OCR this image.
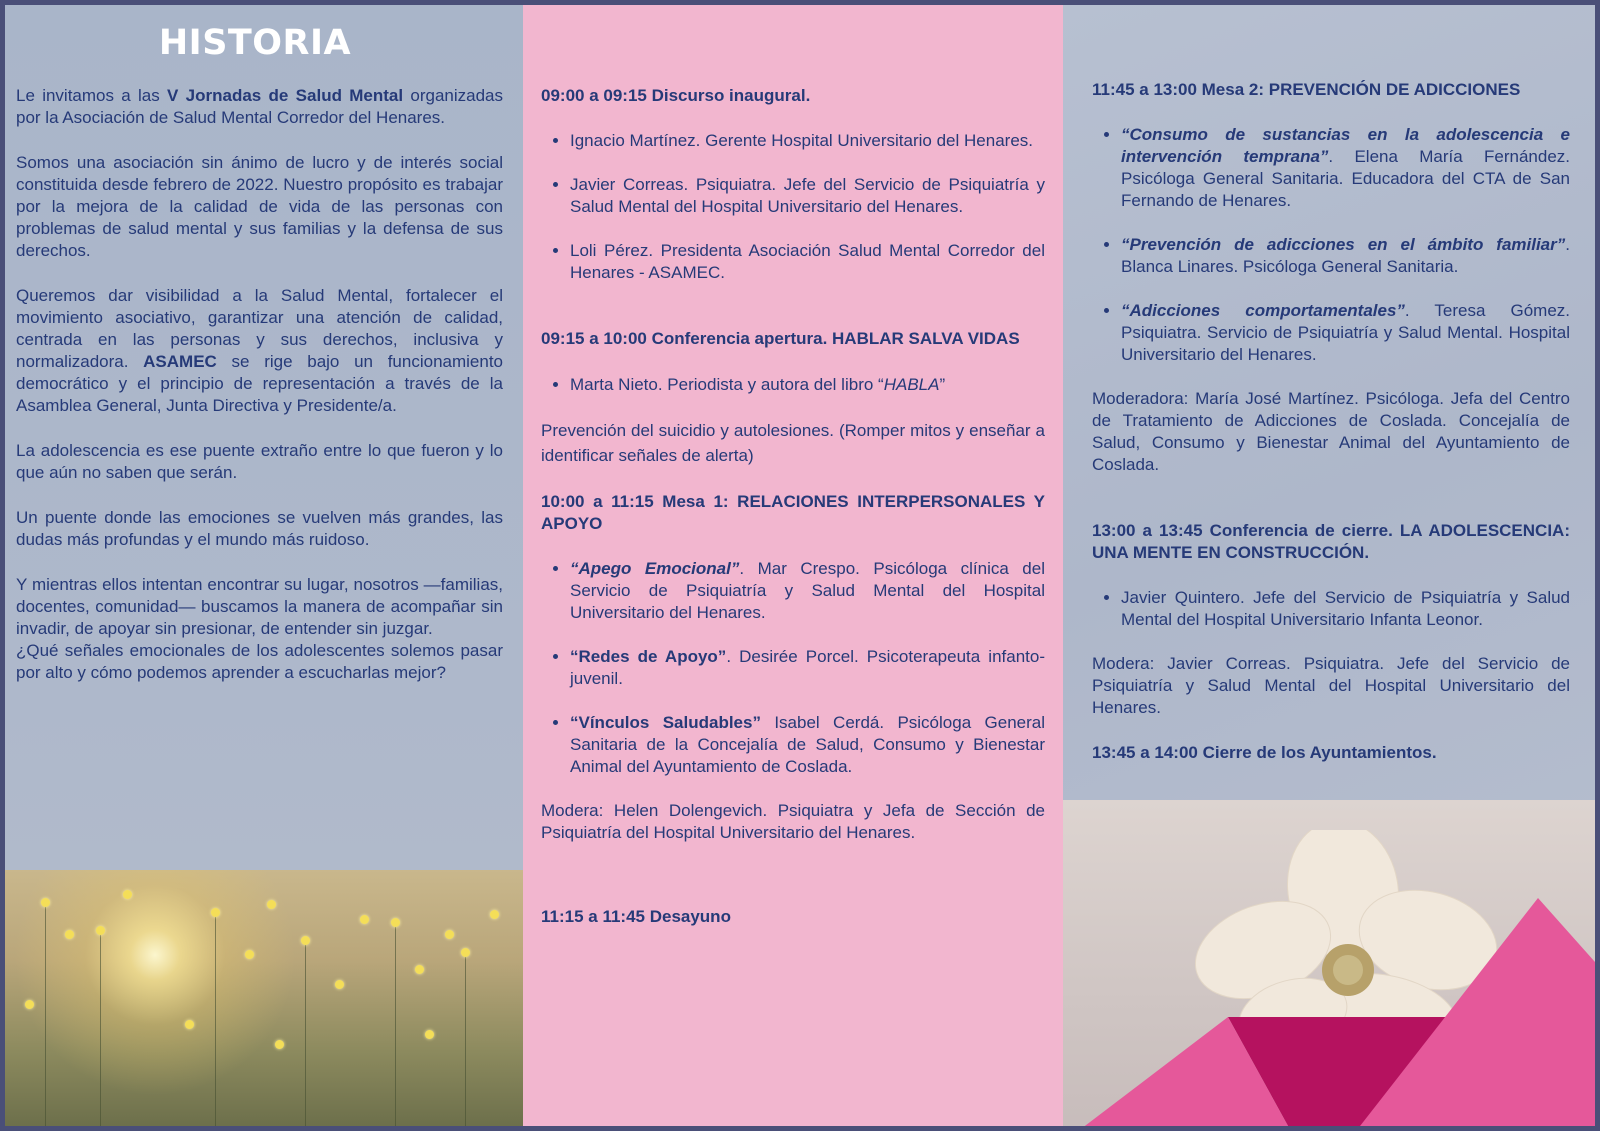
HISTORIA

Le invitamos a las V Jornadas de Salud Mental organizadas por la Asociación de Salud Mental Corredor del Henares.

Somos una asociación sin ánimo de lucro y de interés social constituida desde febrero de 2022. Nuestro propósito es trabajar por la mejora de la calidad de vida de las personas con problemas de salud mental y sus familias y la defensa de sus derechos.

Queremos dar visibilidad a la Salud Mental, fortalecer el movimiento asociativo, garantizar una atención de calidad, centrada en las personas y sus derechos, inclusiva y normalizadora. ASAMEC se rige bajo un funcionamiento democrático y el principio de representación a través de la Asamblea General, Junta Directiva y Presidente/a.

La adolescencia es ese puente extraño entre lo que fueron y lo que aún no saben que serán.

Un puente donde las emociones se vuelven más grandes, las dudas más profundas y el mundo más ruidoso.

Y mientras ellos intentan encontrar su lugar, nosotros —familias, docentes, comunidad— buscamos la manera de acompañar sin invadir, de apoyar sin presionar, de entender sin juzgar.

¿Qué señales emocionales de los adolescentes solemos pasar por alto y cómo podemos aprender a escucharlas mejor?

09:00 a 09:15 Discurso inaugural.

• Ignacio Martínez. Gerente Hospital Universitario del Henares.
• Javier Correas. Psiquiatra. Jefe del Servicio de Psiquiatría y Salud Mental del Hospital Universitario del Henares.
• Loli Pérez. Presidenta Asociación Salud Mental Corredor del Henares - ASAMEC.

09:15 a 10:00 Conferencia apertura. HABLAR SALVA VIDAS

• Marta Nieto. Periodista y autora del libro “HABLA”

Prevención del suicidio y autolesiones. (Romper mitos y enseñar a identificar señales de alerta)

10:00 a 11:15 Mesa 1: RELACIONES INTERPERSONALES Y APOYO

• “Apego Emocional”. Mar Crespo. Psicóloga clínica del Servicio de Psiquiatría y Salud Mental del Hospital Universitario del Henares.
• “Redes de Apoyo”. Desirée Porcel. Psicoterapeuta infanto-juvenil.
• “Vínculos Saludables” Isabel Cerdá. Psicóloga General Sanitaria de la Concejalía de Salud, Consumo y Bienestar Animal del Ayuntamiento de Coslada.

Modera: Helen Dolengevich. Psiquiatra y Jefa de Sección de Psiquiatría del Hospital Universitario del Henares.

11:15 a 11:45 Desayuno

11:45 a 13:00 Mesa 2: PREVENCIÓN DE ADICCIONES

• “Consumo de sustancias en la adolescencia e intervención temprana”. Elena María Fernández. Psicóloga General Sanitaria. Educadora del CTA de San Fernando de Henares.
• “Prevención de adicciones en el ámbito familiar”. Blanca Linares. Psicóloga General Sanitaria.
• “Adicciones comportamentales”. Teresa Gómez. Psiquiatra. Servicio de Psiquiatría y Salud Mental. Hospital Universitario del Henares.

Moderadora: María José Martínez. Psicóloga. Jefa del Centro de Tratamiento de Adicciones de Coslada. Concejalía de Salud, Consumo y Bienestar Animal del Ayuntamiento de Coslada.

13:00 a 13:45 Conferencia de cierre. LA ADOLESCENCIA: UNA MENTE EN CONSTRUCCIÓN.

• Javier Quintero. Jefe del Servicio de Psiquiatría y Salud Mental del Hospital Universitario Infanta Leonor.

Modera: Javier Correas. Psiquiatra. Jefe del Servicio de Psiquiatría y Salud Mental del Hospital Universitario del Henares.

13:45 a 14:00 Cierre de los Ayuntamientos.
